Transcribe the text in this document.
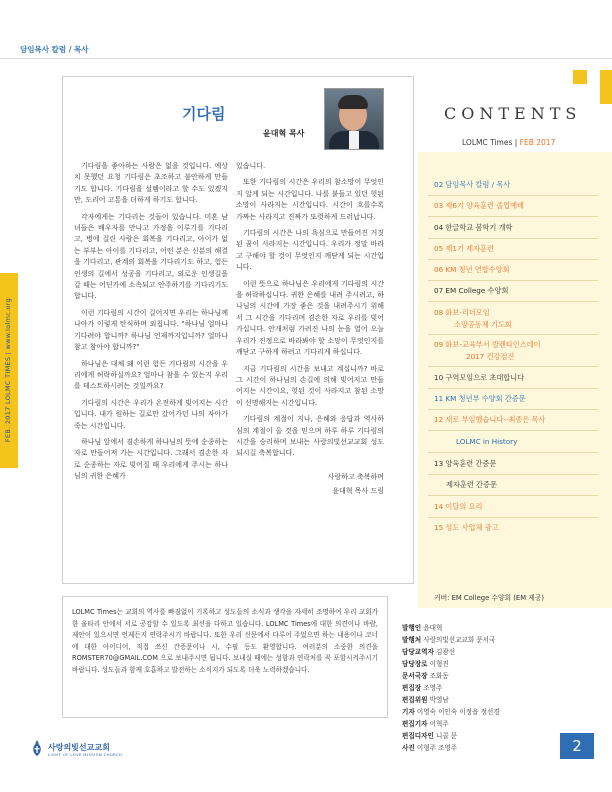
담임목사 칼럼 / 목사
FEB. 2017 LOLMC TIMES | www.lolmc.org
기다림
윤대혁 목사

기다림을 좋아하는 사람은 없을 것입니다. 예상치 못했던 요청 기다림은 초조하고 불안하게 만들기도 합니다. 기다림을 설렘이라고 할 수도 있겠지만, 도리어 고통을 더하게 하기도 합니다.

각자에게는 기다리는 것들이 있습니다. 미혼 남녀들은 배우자를 만나고 가정을 이루기를 기다리고, 병에 걸린 사람은 회복을 기다리고, 아이가 없는 부부는 아이를 기다리고, 어떤 분은 신분의 해결을 기다리고, 관계의 회복을 기다리기도 하고, 험든 인생의 길에서 성공을 기다리고, 외로운 인생길을 갈 때는 어딘가에 소속되고 안주하기를 기다리기도 합니다.

이런 기다림의 시간이 길어지면 우리는 하나님께 나아가 이렇게 탄식하며 외칩니다. "하나님 얼마나 기다려야 합니까? 하나님 언제까지입니까? 얼마나 참고 참아야 합니까?"

하나님은 대체 왜 이런 험든 기다림의 시간을 우리에게 허락하실까요? 얼마나 참을 수 있는지 우리를 테스트하시려는 것일까요?

기다림의 시간은 우리가 온전하게 빚어지는 시간입니다. 내가 원하는 길로만 갔어가던 나의 자아가 죽는 시간입니다.

하나님 앞에서 겸손하게 하나님의 뜻에 순종하는 자로 만들어져 가는 시간입니다. 그래서 겸손한 자로 순종하는 자로 빚어질 때 우리에게 주시는 하나님의 귀한 은혜가

있습니다.

또한 기다림의 시간은 우리의 참소망이 무엇인지 알게 되는 시간입니다. 나를 붙들고 있던 헛된 소망이 사라지는 시간입니다. 시간이 흐를수록 가짜는 사라지고 진짜가 또렷하게 드러납니다.

기다림의 시간은 나의 욕심으로 만들어진 거짓된 꿈이 사라지는 시간입니다. 우리가 정말 바라고 구해야 할 것이 무엇인지 깨닫게 되는 시간입니다.

이런 뜻으로 하나님은 우리에게 기다림의 시간을 허락하십니다. 귀한 은혜를 내려 주시려고, 하나님의 시간에 가장 좋은 것을 내려주시기 위해서 그 시간을 기다리며 겸손한 자로 우리를 빚어 가십니다. 안개처럼 가려진 나의 눈을 열어 오늘 우리가 진정으로 바라봐야 할 소망이 무엇인지를 깨닫고 구하게 하려고 기다리게 하십니다.

지금 기다림의 시간을 보내고 계십니까? 바로 그 시간이 하나님의 손길에 의해 빚어지고 만들어지는 시간이요, 헛된 것이 사라지고 참된 소망이 선명해지는 시간입니다.

기다림의 계절이 지나, 은혜와 응답과 역사하심의 계절이 올 것을 믿으며 하루 하루 기다림의 시간을 승리하며 보내는 사랑의빛선교교회 성도 되시길 축복합니다.

사랑하고 축복하며
윤대혁 목사 드림
CONTENTS
LOLMC Times | FEB 2017
02 담임목사 칼럼 / 목사
03 제6기 양육훈련 졸업예배
04 한글학교 봄학기 개학
05 제1기 제자훈련
06 KM 청년 연합수양회
07 EM College 수양회
08 화보-리더모임
소망공동체 기도회
09 화보-교육부서 발렌타인스데이
2017 건강검진
10 구역모임으로 초대합니다
11 KM 청년부 수양회 간증문
12 새로 부임했습니다--최종은 목사
LOLMC in History
13 양육훈련 간증문
제자훈련 간증문
14 이달의 요리
15 성도 사업체 광고
커버: EM College 수양회 (EM 제공)
LOLMC Times는 교회의 역사를 빠짐없이 기록하고 성도들의 소식과 생각을 자세히 조명하여 우리 교회가 한 울타리 안에서 서로 공감할 수 있도록 최선을 다하고 있습니다. LOLMC Times에 대한 의견이나 바람, 제안이 있으시면 언제든지 연락주시기 바랍니다. 또한 우리 신문에서 다루어 주었으면 하는 내용이나 코너에 대한 아이디어, 직접 쓰신 간증문이나 시, 수필 등도 환영합니다. 여러분의 소중한 의견을 ROMSTER70@GMAIL.COM 으로 보내주시면 됩니다. 보내실 때에는 성함과 연락처를 꼭 포함시켜주시기 바랍니다. 성도들과 함께 호흡하고 발전하는 소식지가 되도록 더욱 노력하겠습니다.
발행인 윤대혁
발행처 사랑의빛선교교회 문서국
담당교역자 김광선
담당장로 이형진
문서국장 조화동
편집장 조영주
편집위원 박영남
기자 이영숙 이인숙 이정읍 정선경
편집기자 이혁주
편집디자인 니콜 문
사진 이형주 조영주
사랑의빛선교교회
LIGHT OF LOVE MISSION CHURCH	2
